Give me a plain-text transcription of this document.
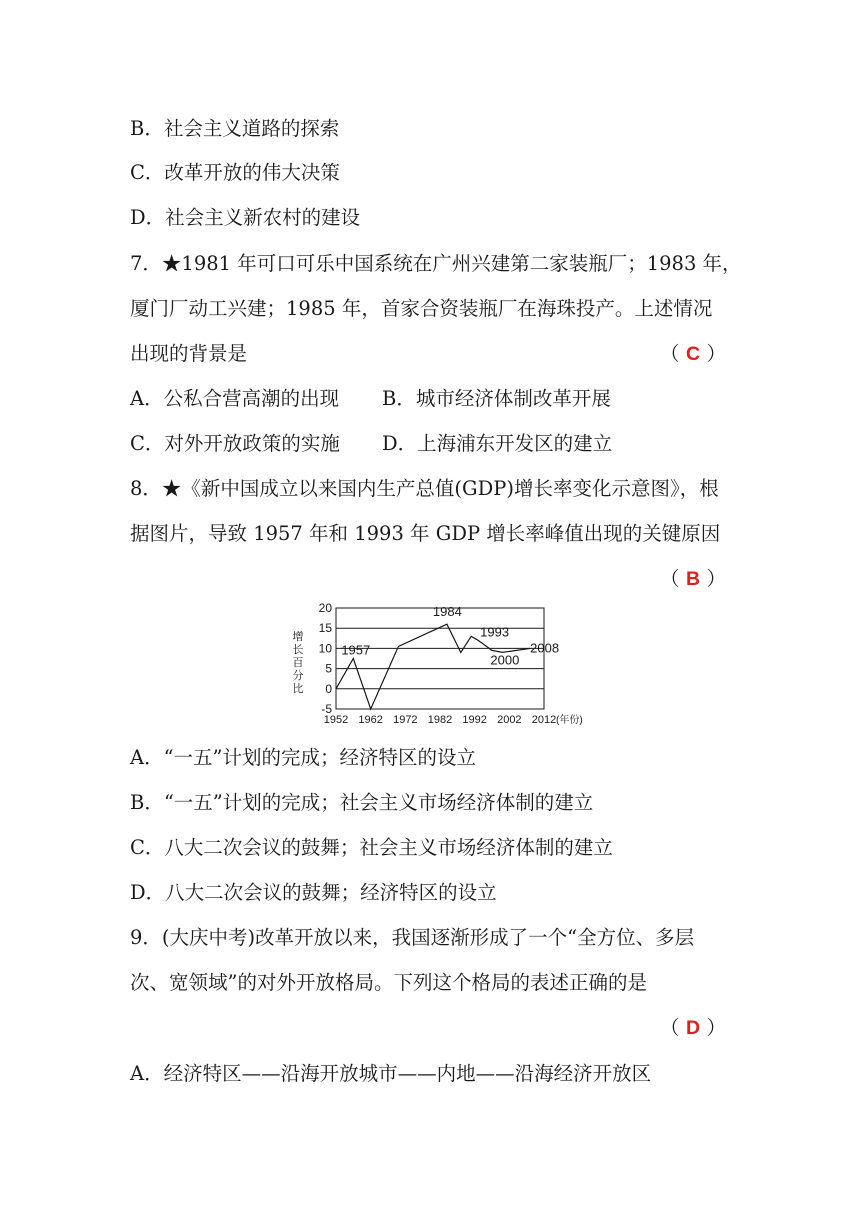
B．社会主义道路的探索
C．改革开放的伟大决策
D．社会主义新农村的建设
7．★1981 年可口可乐中国系统在广州兴建第二家装瓶厂；1983 年，
厦门厂动工兴建；1985 年，首家合资装瓶厂在海珠投产。上述情况
出现的背景是	（ C ）
A．公私合营高潮的出现 B．城市经济体制改革开展
C．对外开放政策的实施 D．上海浦东开发区的建立
8．★《新中国成立以来国内生产总值(GDP)增长率变化示意图》，根
据图片，导致 1957 年和 1993 年 GDP 增长率峰值出现的关键原因
（ B ）
20
15
10
5
0
-5
1952 1962 1972 1982 1992 2002 2012
增
长
百
分
比
(年份)
1957
1984
1993
2000
2008
A．“一五”计划的完成；经济特区的设立
B．“一五”计划的完成；社会主义市场经济体制的建立
C．八大二次会议的鼓舞；社会主义市场经济体制的建立
D．八大二次会议的鼓舞；经济特区的设立
9．(大庆中考)改革开放以来，我国逐渐形成了一个“全方位、多层
次、宽领域”的对外开放格局。下列这个格局的表述正确的是
（ D ）
A．经济特区——沿海开放城市——内地——沿海经济开放区
